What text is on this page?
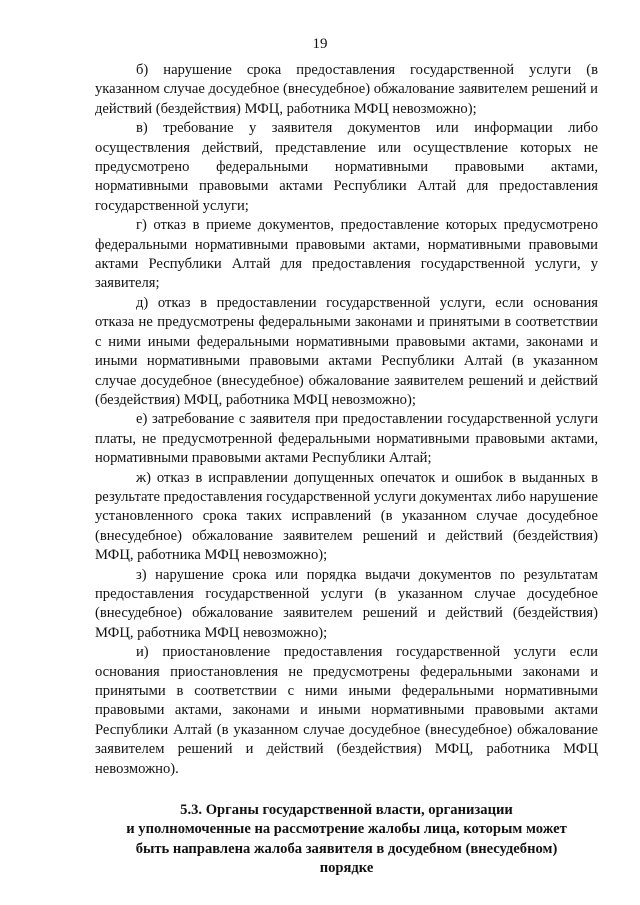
19

б) нарушение срока предоставления государственной услуги (в указанном случае досудебное (внесудебное) обжалование заявителем решений и действий (бездействия) МФЦ, работника МФЦ невозможно);

в) требование у заявителя документов или информации либо осуществления действий, представление или осуществление которых не предусмотрено федеральными нормативными правовыми актами, нормативными правовыми актами Республики Алтай для предоставления государственной услуги;

г) отказ в приеме документов, предоставление которых предусмотрено федеральными нормативными правовыми актами, нормативными правовыми актами Республики Алтай для предоставления государственной услуги, у заявителя;

д) отказ в предоставлении государственной услуги, если основания отказа не предусмотрены федеральными законами и принятыми в соответствии с ними иными федеральными нормативными правовыми актами, законами и иными нормативными правовыми актами Республики Алтай (в указанном случае досудебное (внесудебное) обжалование заявителем решений и действий (бездействия) МФЦ, работника МФЦ невозможно);

е) затребование с заявителя при предоставлении государственной услуги платы, не предусмотренной федеральными нормативными правовыми актами, нормативными правовыми актами Республики Алтай;

ж) отказ в исправлении допущенных опечаток и ошибок в выданных в результате предоставления государственной услуги документах либо нарушение установленного срока таких исправлений (в указанном случае досудебное (внесудебное) обжалование заявителем решений и действий (бездействия) МФЦ, работника МФЦ невозможно);

з) нарушение срока или порядка выдачи документов по результатам предоставления государственной услуги (в указанном случае досудебное (внесудебное) обжалование заявителем решений и действий (бездействия) МФЦ, работника МФЦ невозможно);

и) приостановление предоставления государственной услуги если основания приостановления не предусмотрены федеральными законами и принятыми в соответствии с ними иными федеральными нормативными правовыми актами, законами и иными нормативными правовыми актами Республики Алтай (в указанном случае досудебное (внесудебное) обжалование заявителем решений и действий (бездействия) МФЦ, работника МФЦ невозможно).

5.3. Органы государственной власти, организации
и уполномоченные на рассмотрение жалобы лица, которым может
быть направлена жалоба заявителя в досудебном (внесудебном)
порядке
